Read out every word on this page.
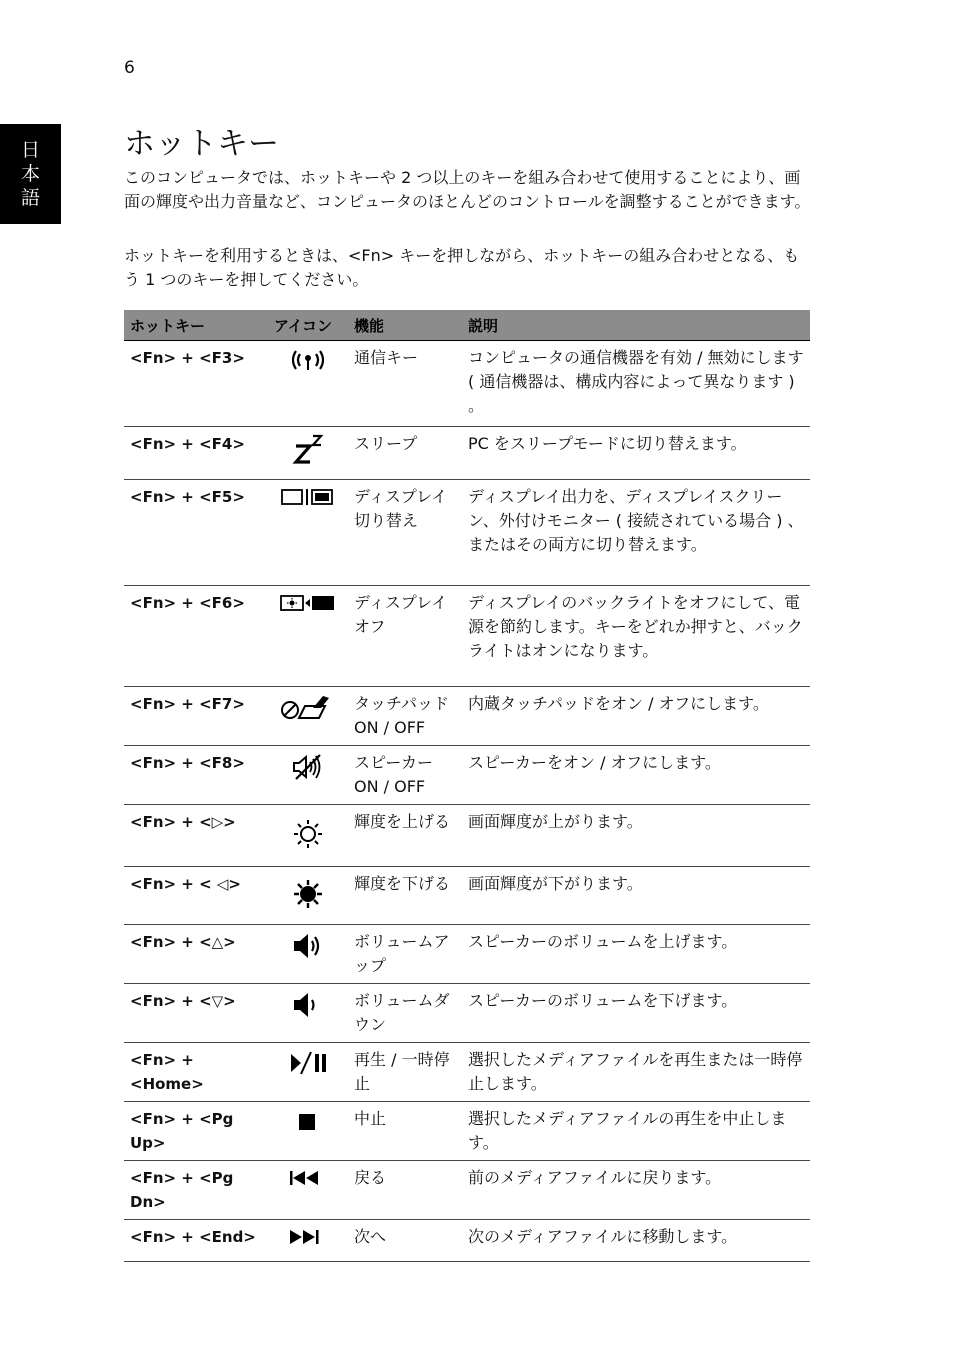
6
日
本
語
ホットキー

このコンピュータでは、ホットキーや 2 つ以上のキーを組み合わせて使用することにより、画面の輝度や出力音量など、コンピュータのほとんどのコントロールを調整することができます。

ホットキーを利用するときは、<Fn> キーを押しながら、ホットキーの組み合わせとなる、もう 1 つのキーを押してください。

ホットキー	アイコン	機能	説明
<Fn> + <F3>		通信キー	コンピュータの通信機器を有効 / 無効にします ( 通信機器は、構成内容によって異なります ) 。
<Fn> + <F4>		スリープ	PC をスリープモードに切り替えます。
<Fn> + <F5>		ディスプレイ切り替え	ディスプレイ出力を、ディスプレイスクリーン、外付けモニター ( 接続されている場合 ) 、またはその両方に切り替えます。
<Fn> + <F6>		ディスプレイオフ	ディスプレイのバックライトをオフにして、電源を節約します。キーをどれか押すと、バックライトはオンになります。
<Fn> + <F7>		タッチパッド ON / OFF	内蔵タッチパッドをオン / オフにします。
<Fn> + <F8>		スピーカー ON / OFF	スピーカーをオン / オフにします。
<Fn> + <▷>		輝度を上げる	画面輝度が上がります。
<Fn> + < ◁>		輝度を下げる	画面輝度が下がります。
<Fn> + <△>		ボリュームアップ	スピーカーのボリュームを上げます。
<Fn> + <▽>		ボリュームダウン	スピーカーのボリュームを下げます。
<Fn> + <Home>		再生 / 一時停止	選択したメディアファイルを再生または一時停止します。
<Fn> + <Pg Up>		中止	選択したメディアファイルの再生を中止します。
<Fn> + <Pg Dn>		戻る	前のメディアファイルに戻ります。
<Fn> + <End>		次へ	次のメディアファイルに移動します。
